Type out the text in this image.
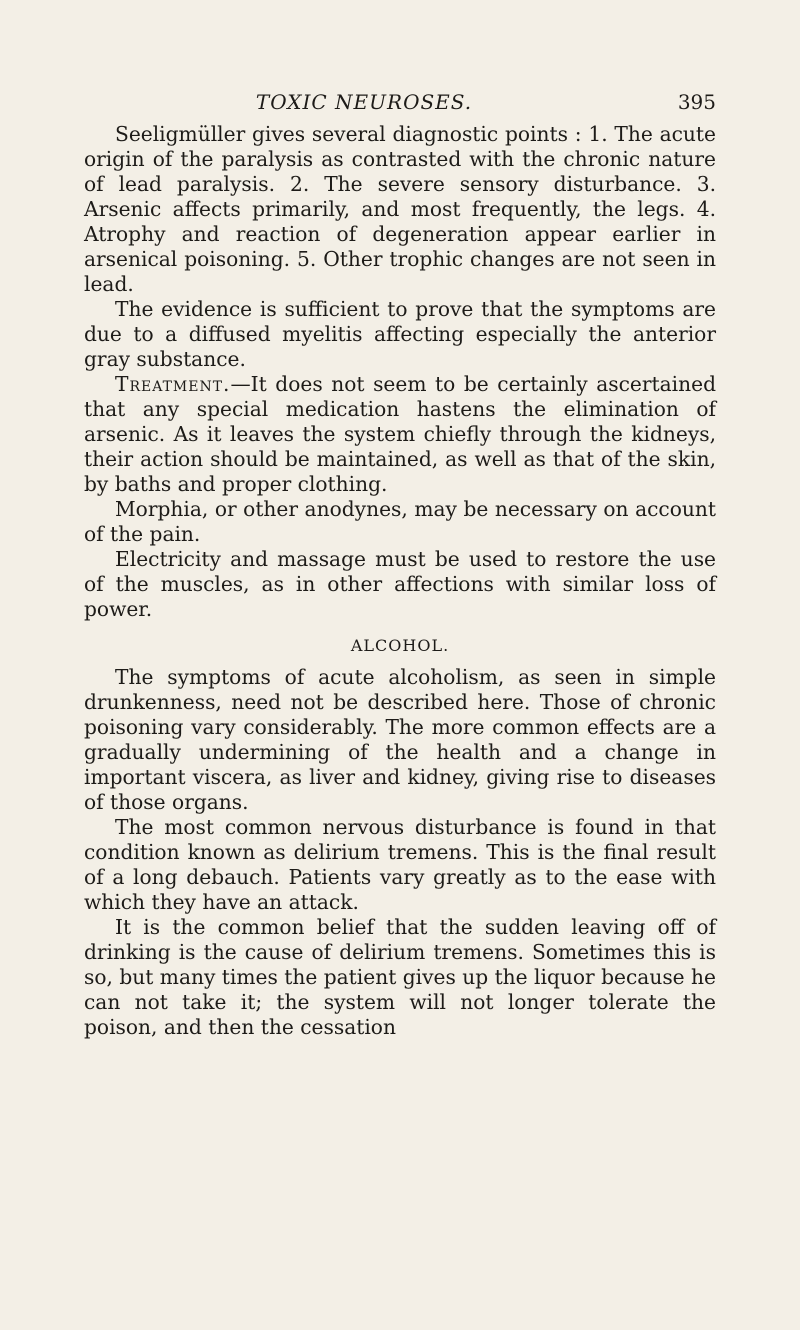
TOXIC NEUROSES.	395

Seeligmüller gives several diagnostic points : 1. The acute origin of the paralysis as contrasted with the chronic nature of lead paralysis. 2. The severe sensory disturbance. 3. Arsenic affects primarily, and most frequently, the legs. 4. Atrophy and reaction of degeneration appear earlier in arsenical poisoning. 5. Other trophic changes are not seen in lead.

The evidence is sufficient to prove that the symptoms are due to a diffused myelitis affecting especially the anterior gray substance.

Treatment.—It does not seem to be certainly ascertained that any special medication hastens the elimination of arsenic. As it leaves the system chiefly through the kidneys, their action should be maintained, as well as that of the skin, by baths and proper clothing.

Morphia, or other anodynes, may be necessary on account of the pain.

Electricity and massage must be used to restore the use of the muscles, as in other affections with similar loss of power.

ALCOHOL.

The symptoms of acute alcoholism, as seen in simple drunkenness, need not be described here. Those of chronic poisoning vary considerably. The more common effects are a gradually undermining of the health and a change in important viscera, as liver and kidney, giving rise to diseases of those organs.

The most common nervous disturbance is found in that condition known as delirium tremens. This is the final result of a long debauch. Patients vary greatly as to the ease with which they have an attack.

It is the common belief that the sudden leaving off of drinking is the cause of delirium tremens. Sometimes this is so, but many times the patient gives up the liquor because he can not take it; the system will not longer tolerate the poison, and then the cessation
